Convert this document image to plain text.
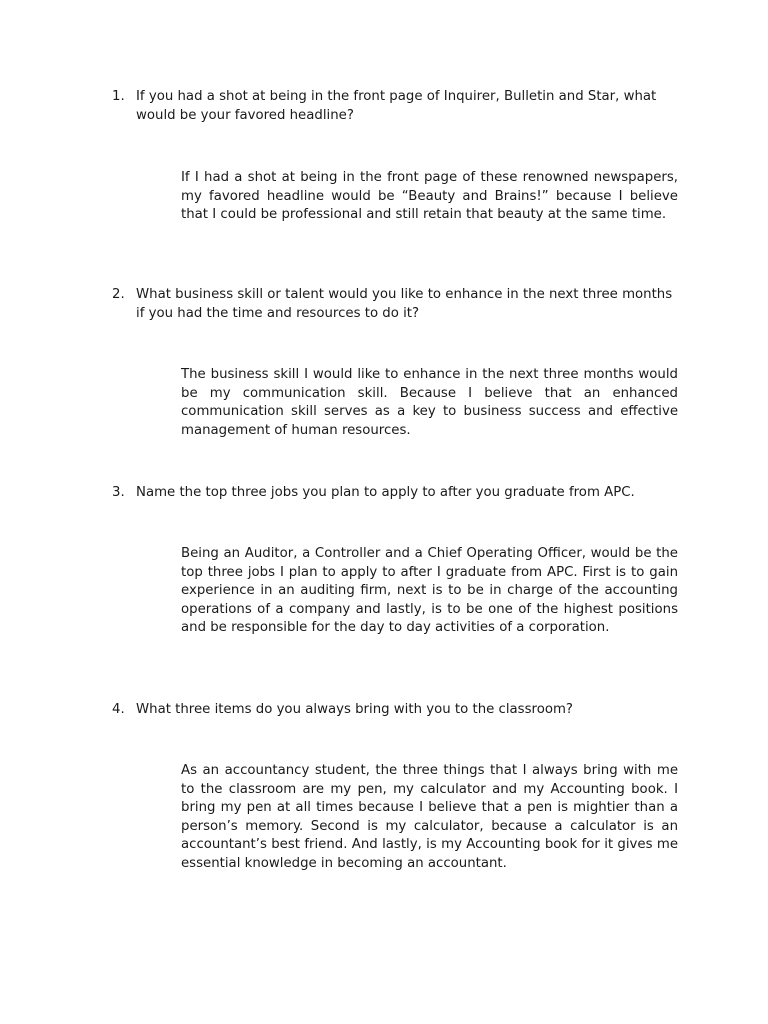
1. If you had a shot at being in the front page of Inquirer, Bulletin and Star, what would be your favored headline?
If I had a shot at being in the front page of these renowned newspapers, my favored headline would be “Beauty and Brains!” because I believe that I could be professional and still retain that beauty at the same time.
2. What business skill or talent would you like to enhance in the next three months if you had the time and resources to do it?
The business skill I would like to enhance in the next three months would be my communication skill. Because I believe that an enhanced communication skill serves as a key to business success and effective management of human resources.
3. Name the top three jobs you plan to apply to after you graduate from APC.
Being an Auditor, a Controller and a Chief Operating Officer, would be the top three jobs I plan to apply to after I graduate from APC. First is to gain experience in an auditing firm, next is to be in charge of the accounting operations of a company and lastly, is to be one of the highest positions and be responsible for the day to day activities of a corporation.
4. What three items do you always bring with you to the classroom?
As an accountancy student, the three things that I always bring with me to the classroom are my pen, my calculator and my Accounting book. I bring my pen at all times because I believe that a pen is mightier than a person’s memory. Second is my calculator, because a calculator is an accountant’s best friend. And lastly, is my Accounting book for it gives me essential knowledge in becoming an accountant.
